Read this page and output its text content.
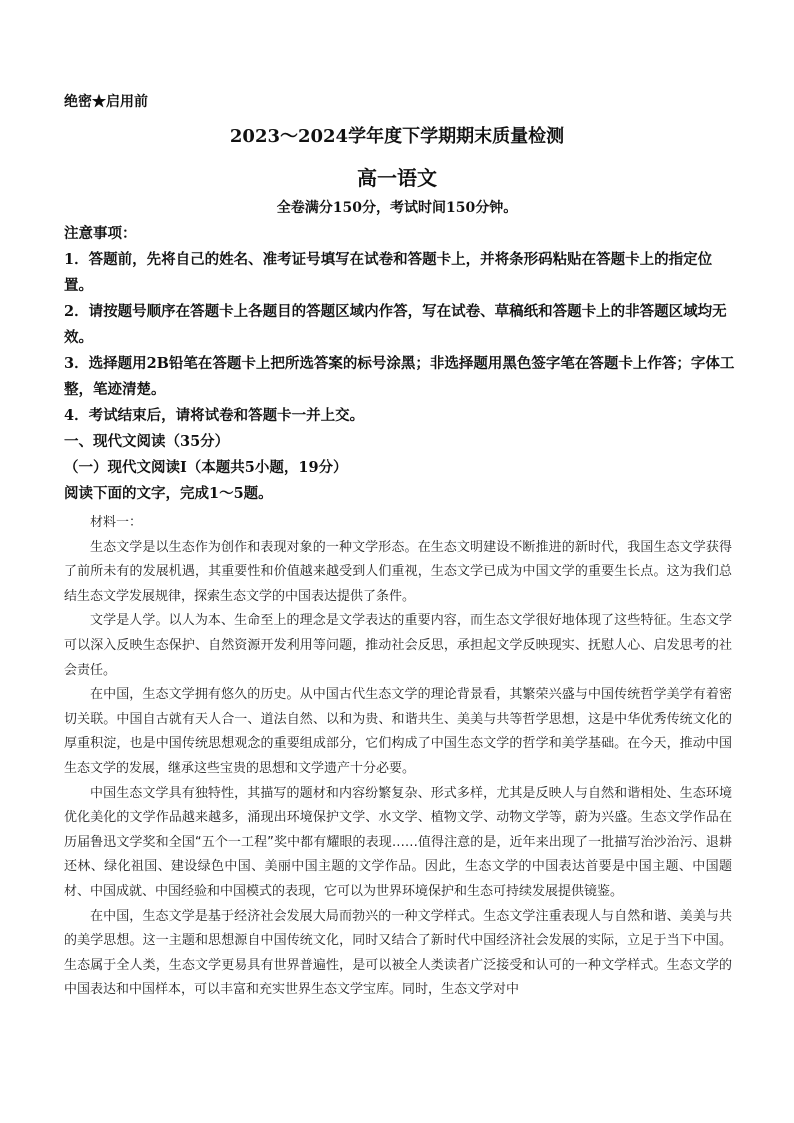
绝密★启用前
2023～2024学年度下学期期末质量检测
高一语文
全卷满分150分，考试时间150分钟。

注意事项：

1．答题前，先将自己的姓名、准考证号填写在试卷和答题卡上，并将条形码粘贴在答题卡上的指定位置。

2．请按题号顺序在答题卡上各题目的答题区域内作答，写在试卷、草稿纸和答题卡上的非答题区域均无效。

3．选择题用2B铅笔在答题卡上把所选答案的标号涂黑；非选择题用黑色签字笔在答题卡上作答；字体工整，笔迹清楚。

4．考试结束后，请将试卷和答题卡一并上交。

一、现代文阅读（35分）

（一）现代文阅读I（本题共5小题，19分）

阅读下面的文字，完成1～5题。

材料一：

生态文学是以生态作为创作和表现对象的一种文学形态。在生态文明建设不断推进的新时代，我国生态文学获得了前所未有的发展机遇，其重要性和价值越来越受到人们重视，生态文学已成为中国文学的重要生长点。这为我们总结生态文学发展规律，探索生态文学的中国表达提供了条件。

文学是人学。以人为本、生命至上的理念是文学表达的重要内容，而生态文学很好地体现了这些特征。生态文学可以深入反映生态保护、自然资源开发利用等问题，推动社会反思，承担起文学反映现实、抚慰人心、启发思考的社会责任。

在中国，生态文学拥有悠久的历史。从中国古代生态文学的理论背景看，其繁荣兴盛与中国传统哲学美学有着密切关联。中国自古就有天人合一、道法自然、以和为贵、和谐共生、美美与共等哲学思想，这是中华优秀传统文化的厚重积淀，也是中国传统思想观念的重要组成部分，它们构成了中国生态文学的哲学和美学基础。在今天，推动中国生态文学的发展，继承这些宝贵的思想和文学遗产十分必要。

中国生态文学具有独特性，其描写的题材和内容纷繁复杂、形式多样，尤其是反映人与自然和谐相处、生态环境优化美化的文学作品越来越多，涌现出环境保护文学、水文学、植物文学、动物文学等，蔚为兴盛。生态文学作品在历届鲁迅文学奖和全国“五个一工程”奖中都有耀眼的表现……值得注意的是，近年来出现了一批描写治沙治污、退耕还林、绿化祖国、建设绿色中国、美丽中国主题的文学作品。因此，生态文学的中国表达首要是中国主题、中国题材、中国成就、中国经验和中国模式的表现，它可以为世界环境保护和生态可持续发展提供镜鉴。

在中国，生态文学是基于经济社会发展大局而勃兴的一种文学样式。生态文学注重表现人与自然和谐、美美与共的美学思想。这一主题和思想源自中国传统文化，同时又结合了新时代中国经济社会发展的实际，立足于当下中国。生态属于全人类，生态文学更易具有世界普遍性，是可以被全人类读者广泛接受和认可的一种文学样式。生态文学的中国表达和中国样本，可以丰富和充实世界生态文学宝库。同时，生态文学对中
